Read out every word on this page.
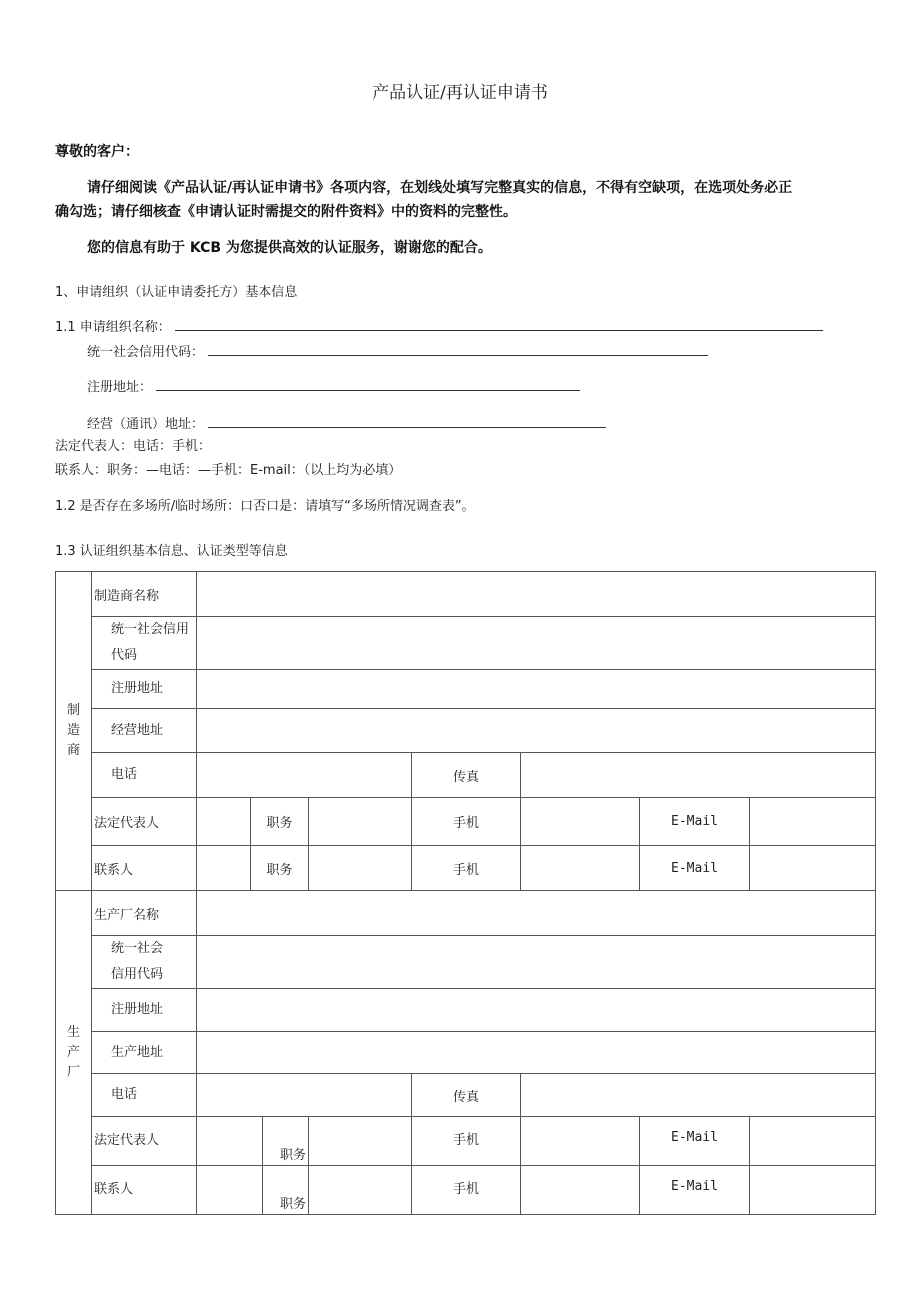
产品认证/再认证申请书
尊敬的客户：
请仔细阅读《产品认证/再认证申请书》各项内容，在划线处填写完整真实的信息，不得有空缺项，在选项处务必正
确勾选；请仔细核查《申请认证时需提交的附件资料》中的资料的完整性。
您的信息有助于 KCB 为您提供高效的认证服务，谢谢您的配合。
1、申请组织（认证申请委托方）基本信息
1.1 申请组织名称：
统一社会信用代码：
注册地址：
经营（通讯）地址：
法定代表人：电话：手机：
联系人：职务：—电话：—手机：E-mail：（以上均为必填）
1.2 是否存在多场所/临时场所：口否口是：请填写“多场所情况调查表”。
1.3 认证组织基本信息、认证类型等信息
制造商	制造商名称								

	统一社会信用代码								

	注册地址								
	经营地址								
	电话					传真			
	法定代表人		职务			手机		E-Mail	
	联系人		职务			手机		E-Mail	

生产厂	生产厂名称								

	统一社会信用代码								

	注册地址								
	生产地址								
	电话					传真			
	法定代表人			职务		手机		E-Mail	
	联系人			职务		手机		E-Mail	
